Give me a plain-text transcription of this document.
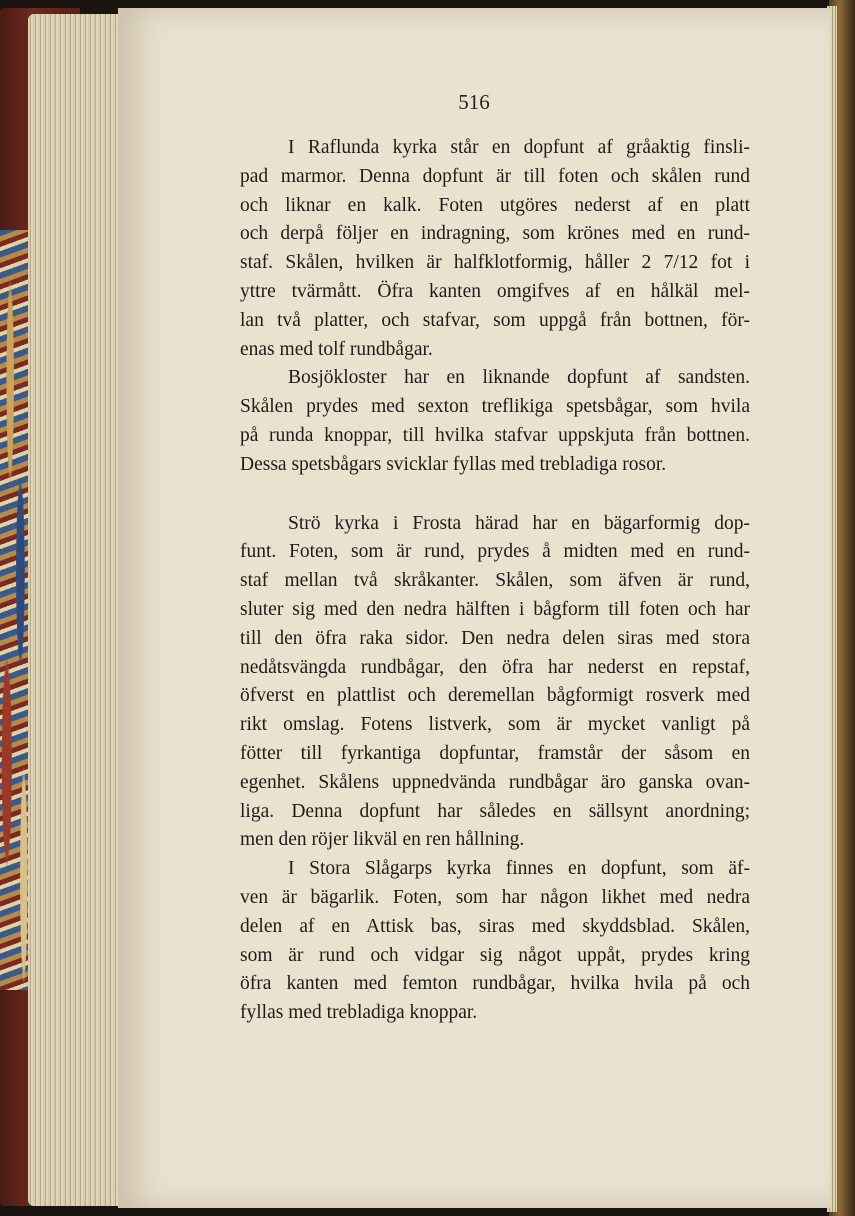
516
I Raflunda kyrka står en dopfunt af gråaktig finsli-
pad marmor. Denna dopfunt är till foten och skålen rund
och liknar en kalk. Foten utgöres nederst af en platt
och derpå följer en indragning, som krönes med en rund-
staf. Skålen, hvilken är halfklotformig, håller 2 7/12 fot i
yttre tvärmått. Öfra kanten omgifves af en hålkäl mel-
lan två platter, och stafvar, som uppgå från bottnen, för-
enas med tolf rundbågar.
Bosjökloster har en liknande dopfunt af sandsten.
Skålen prydes med sexton treflikiga spetsbågar, som hvila
på runda knoppar, till hvilka stafvar uppskjuta från bottnen.
Dessa spetsbågars svicklar fyllas med trebladiga rosor.
Strö kyrka i Frosta härad har en bägarformig dop-
funt. Foten, som är rund, prydes å midten med en rund-
staf mellan två skråkanter. Skålen, som äfven är rund,
sluter sig med den nedra hälften i bågform till foten och har
till den öfra raka sidor. Den nedra delen siras med stora
nedåtsvängda rundbågar, den öfra har nederst en repstaf,
öfverst en plattlist och deremellan bågformigt rosverk med
rikt omslag. Fotens listverk, som är mycket vanligt på
fötter till fyrkantiga dopfuntar, framstår der såsom en
egenhet. Skålens uppnedvända rundbågar äro ganska ovan-
liga. Denna dopfunt har således en sällsynt anordning;
men den röjer likväl en ren hållning.
I Stora Slågarps kyrka finnes en dopfunt, som äf-
ven är bägarlik. Foten, som har någon likhet med nedra
delen af en Attisk bas, siras med skyddsblad. Skålen,
som är rund och vidgar sig något uppåt, prydes kring
öfra kanten med femton rundbågar, hvilka hvila på och
fyllas med trebladiga knoppar.
